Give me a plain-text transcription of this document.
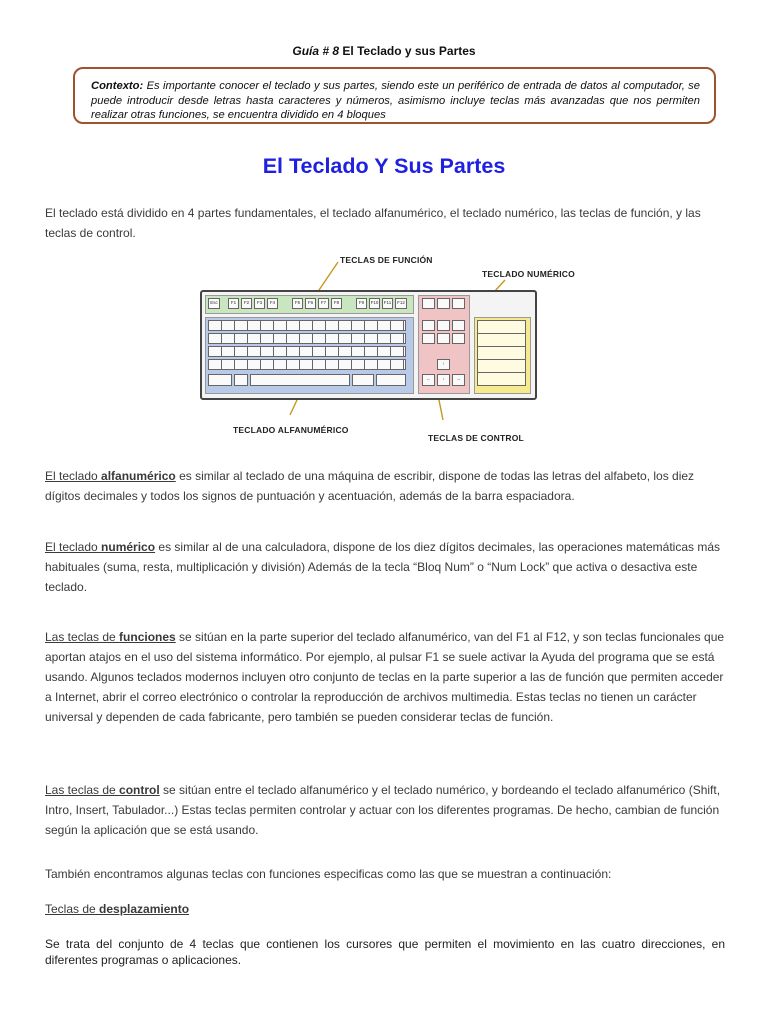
Guía # 8 El Teclado y sus Partes
Contexto: Es importante conocer el teclado y sus partes, siendo este un periférico de entrada de datos al computador, se puede introducir desde letras hasta caracteres y números, asimismo incluye teclas más avanzadas que nos permiten realizar otras funciones, se encuentra dividido en 4 bloques
El Teclado Y Sus Partes

El teclado está dividido en 4 partes fundamentales, el teclado alfanumérico, el teclado numérico, las teclas de función, y las teclas de control.

TECLAS DE FUNCIÓN
TECLADO NUMÉRICO
TECLADO ALFANUMÉRICO
TECLAS DE CONTROL
Esc	F1	F2	F3	F4	F5	F6	F7	F8	F9	F10	F11	F12
↑
←	↓	→

El teclado alfanumérico es similar al teclado de una máquina de escribir, dispone de todas las letras del alfabeto, los diez dígitos decimales y todos los signos de puntuación y acentuación, además de la barra espaciadora.

El teclado numérico es similar al de una calculadora, dispone de los diez dígitos decimales, las operaciones matemáticas más habituales (suma, resta, multiplicación y división) Además de la tecla “Bloq Num” o “Num Lock” que activa o desactiva este teclado.

Las teclas de funciones se sitúan en la parte superior del teclado alfanumérico, van del F1 al F12, y son teclas funcionales que aportan atajos en el uso del sistema informático. Por ejemplo, al pulsar F1 se suele activar la Ayuda del programa que se está usando. Algunos teclados modernos incluyen otro conjunto de teclas en la parte superior a las de función que permiten acceder a Internet, abrir el correo electrónico o controlar la reproducción de archivos multimedia. Estas teclas no tienen un carácter universal y dependen de cada fabricante, pero también se pueden considerar teclas de función.

Las teclas de control se sitúan entre el teclado alfanumérico y el teclado numérico, y bordeando el teclado alfanumérico (Shift, Intro, Insert, Tabulador...) Estas teclas permiten controlar y actuar con los diferentes programas. De hecho, cambian de función según la aplicación que se está usando.

También encontramos algunas teclas con funciones especificas como las que se muestran a continuación:

Teclas de desplazamiento

Se trata del conjunto de 4 teclas que contienen los cursores que permiten el movimiento en las cuatro direcciones, en diferentes programas o aplicaciones.
